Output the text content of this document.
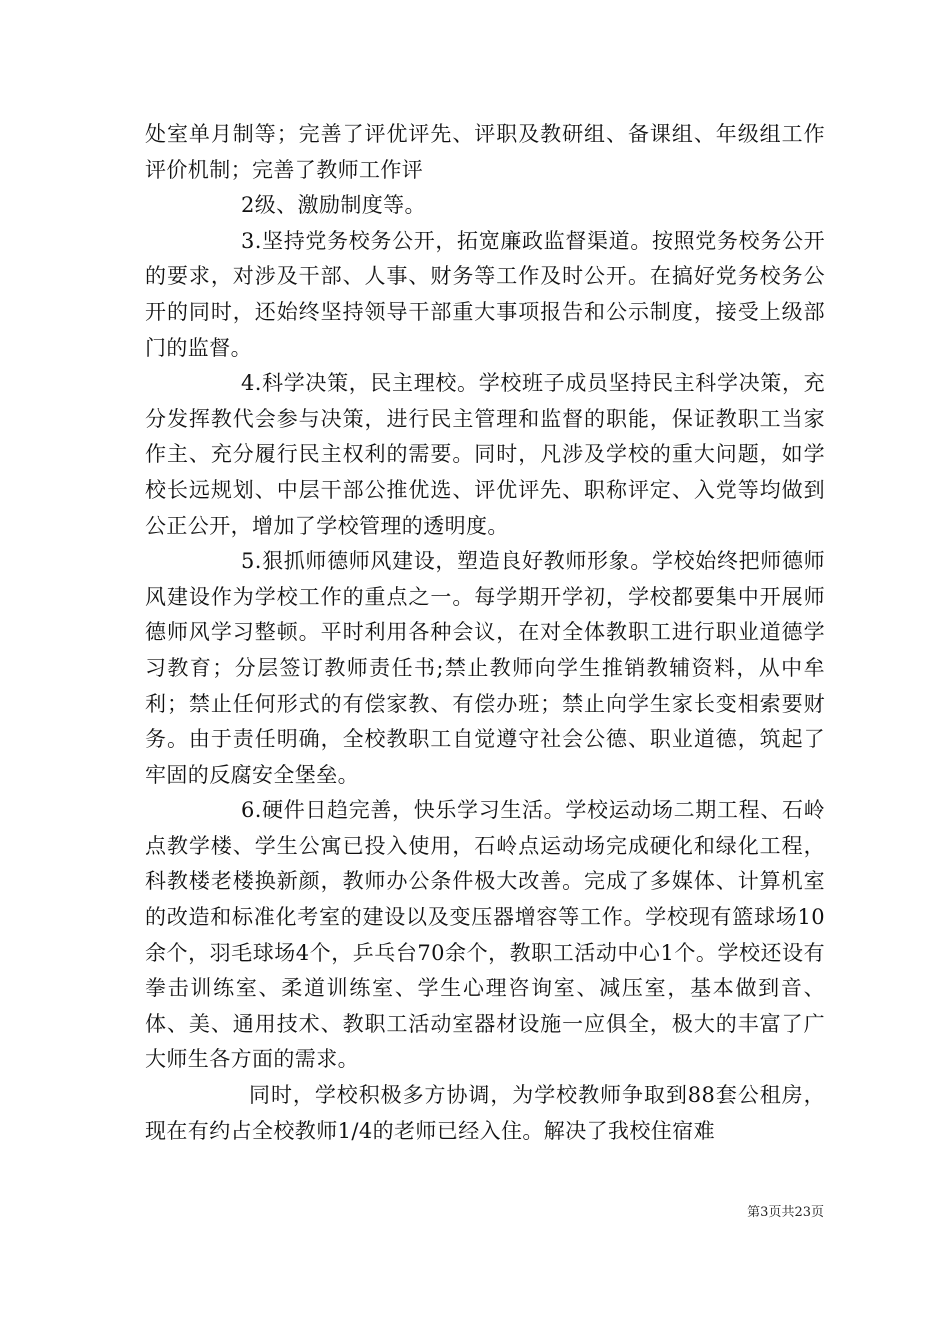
处室单月制等；完善了评优评先、评职及教研组、备课组、年级组工作评价机制；完善了教师工作评

2级、激励制度等。

3.坚持党务校务公开，拓宽廉政监督渠道。按照党务校务公开的要求，对涉及干部、人事、财务等工作及时公开。在搞好党务校务公开的同时，还始终坚持领导干部重大事项报告和公示制度，接受上级部门的监督。

4.科学决策，民主理校。学校班子成员坚持民主科学决策，充分发挥教代会参与决策，进行民主管理和监督的职能，保证教职工当家作主、充分履行民主权利的需要。同时，凡涉及学校的重大问题，如学校长远规划、中层干部公推优选、评优评先、职称评定、入党等均做到公正公开，增加了学校管理的透明度。

5.狠抓师德师风建设，塑造良好教师形象。学校始终把师德师风建设作为学校工作的重点之一。每学期开学初，学校都要集中开展师德师风学习整顿。平时利用各种会议，在对全体教职工进行职业道德学习教育；分层签订教师责任书;禁止教师向学生推销教辅资料，从中牟利；禁止任何形式的有偿家教、有偿办班；禁止向学生家长变相索要财务。由于责任明确，全校教职工自觉遵守社会公德、职业道德，筑起了牢固的反腐安全堡垒。

6.硬件日趋完善，快乐学习生活。学校运动场二期工程、石岭点教学楼、学生公寓已投入使用，石岭点运动场完成硬化和绿化工程，科教楼老楼换新颜，教师办公条件极大改善。完成了多媒体、计算机室的改造和标准化考室的建设以及变压器增容等工作。学校现有篮球场10余个，羽毛球场4个，乒乓台70余个，教职工活动中心1个。学校还设有拳击训练室、柔道训练室、学生心理咨询室、减压室，基本做到音、体、美、通用技术、教职工活动室器材设施一应俱全，极大的丰富了广大师生各方面的需求。

同时，学校积极多方协调，为学校教师争取到88套公租房，现在有约占全校教师1/4的老师已经入住。解决了我校住宿难

第3页共23页
